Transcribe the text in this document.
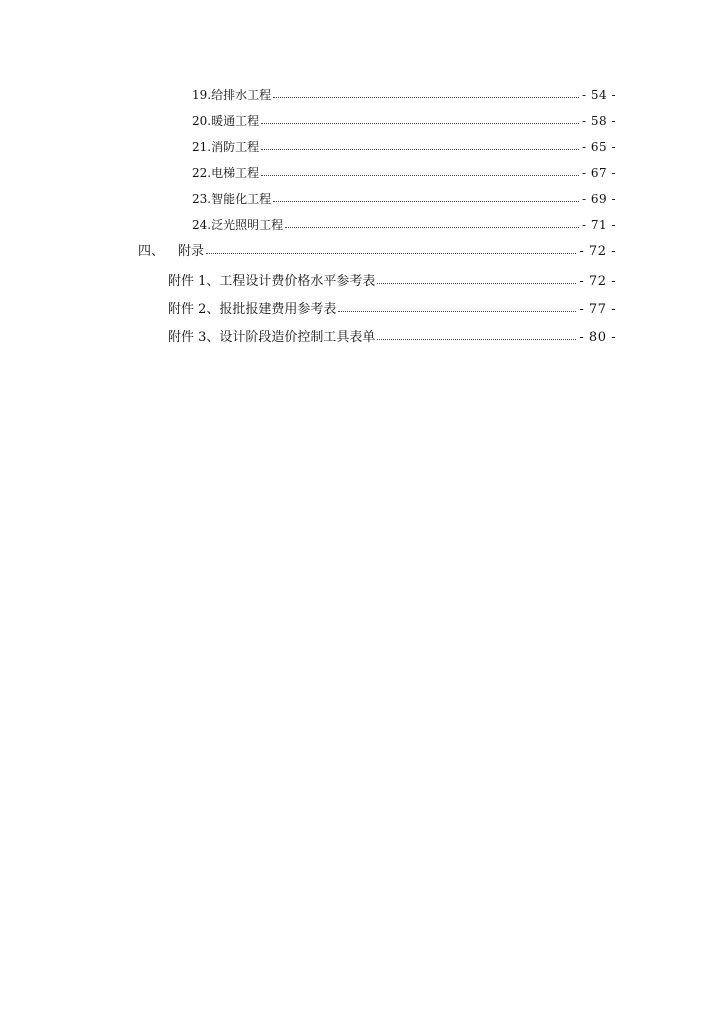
19.给排水工程	- 54 -
20.暖通工程	- 58 -
21.消防工程	- 65 -
22.电梯工程	- 67 -
23.智能化工程	- 69 -
24.泛光照明工程	- 71 -
四、 附录	- 72 -
附件 1、工程设计费价格水平参考表	- 72 -
附件 2、报批报建费用参考表	- 77 -
附件 3、设计阶段造价控制工具表单	- 80 -
